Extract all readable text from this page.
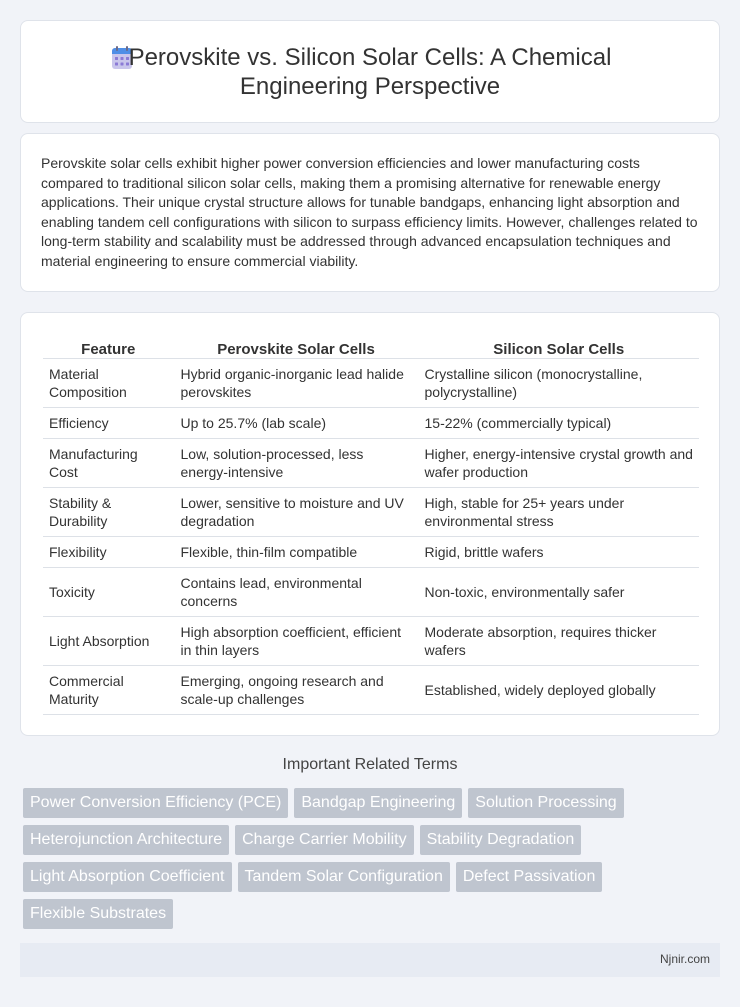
Perovskite vs. Silicon Solar Cells: A Chemical Engineering Perspective

Perovskite solar cells exhibit higher power conversion efficiencies and lower manufacturing costs compared to traditional silicon solar cells, making them a promising alternative for renewable energy applications. Their unique crystal structure allows for tunable bandgaps, enhancing light absorption and enabling tandem cell configurations with silicon to surpass efficiency limits. However, challenges related to long-term stability and scalability must be addressed through advanced encapsulation techniques and material engineering to ensure commercial viability.

Feature	Perovskite Solar Cells	Silicon Solar Cells
Material Composition	Hybrid organic-inorganic lead halide perovskites	Crystalline silicon (monocrystalline, polycrystalline)
Efficiency	Up to 25.7% (lab scale)	15-22% (commercially typical)
Manufacturing Cost	Low, solution-processed, less energy-intensive	Higher, energy-intensive crystal growth and wafer production
Stability & Durability	Lower, sensitive to moisture and UV degradation	High, stable for 25+ years under environmental stress
Flexibility	Flexible, thin-film compatible	Rigid, brittle wafers
Toxicity	Contains lead, environmental concerns	Non-toxic, environmentally safer
Light Absorption	High absorption coefficient, efficient in thin layers	Moderate absorption, requires thicker wafers
Commercial Maturity	Emerging, ongoing research and scale-up challenges	Established, widely deployed globally
Important Related Terms
Power Conversion Efficiency (PCE)	Bandgap Engineering	Solution Processing
Heterojunction Architecture	Charge Carrier Mobility	Stability Degradation
Light Absorption Coefficient	Tandem Solar Configuration	Defect Passivation
Flexible Substrates
Njnir.com
